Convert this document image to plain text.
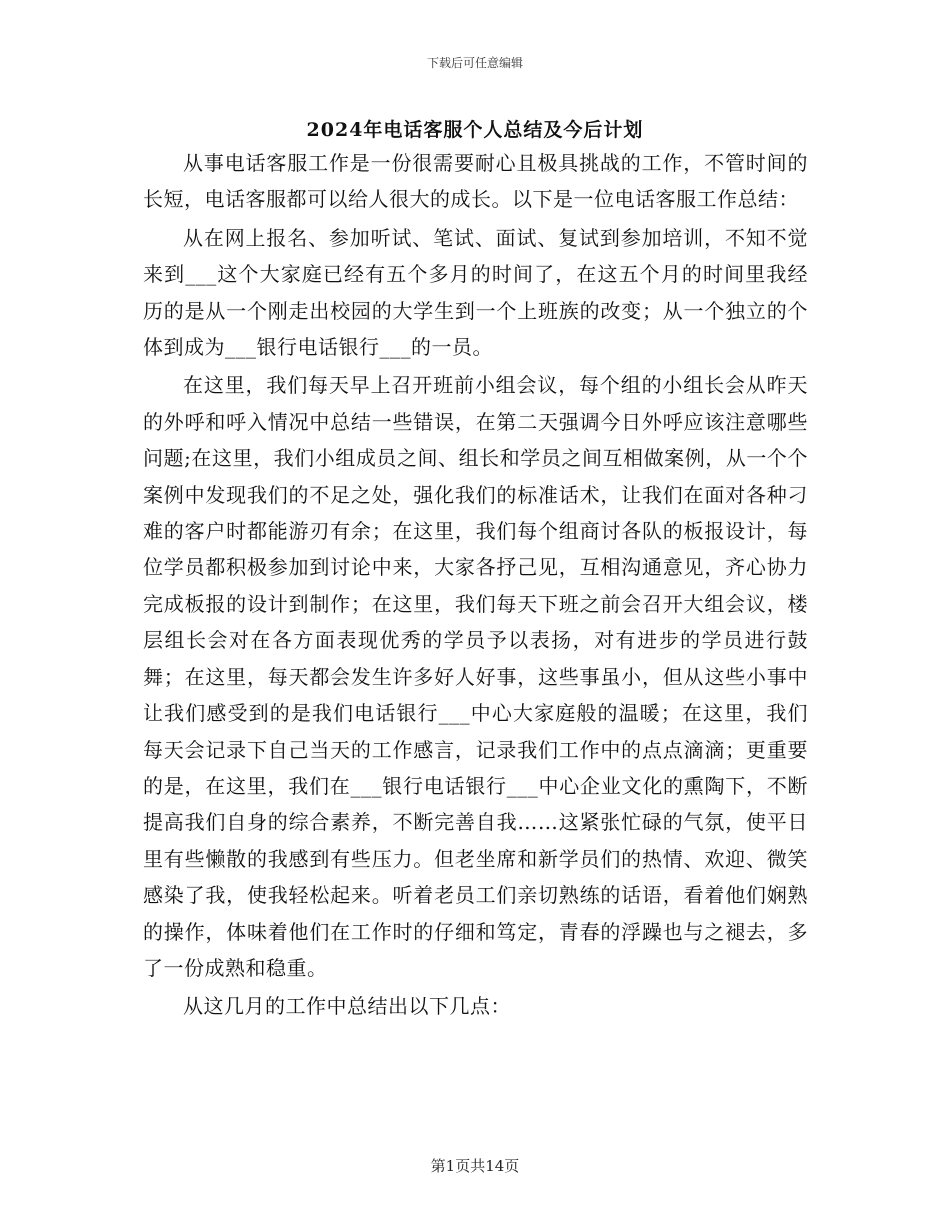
下载后可任意编辑
2024年电话客服个人总结及今后计划

从事电话客服工作是一份很需要耐心且极具挑战的工作，不管时间的长短，电话客服都可以给人很大的成长。以下是一位电话客服工作总结：

从在网上报名、参加听试、笔试、面试、复试到参加培训，不知不觉来到___这个大家庭已经有五个多月的时间了，在这五个月的时间里我经历的是从一个刚走出校园的大学生到一个上班族的改变；从一个独立的个体到成为___银行电话银行___的一员。

在这里，我们每天早上召开班前小组会议，每个组的小组长会从昨天的外呼和呼入情况中总结一些错误，在第二天强调今日外呼应该注意哪些问题;在这里，我们小组成员之间、组长和学员之间互相做案例，从一个个案例中发现我们的不足之处，强化我们的标准话术，让我们在面对各种刁难的客户时都能游刃有余；在这里，我们每个组商讨各队的板报设计，每位学员都积极参加到讨论中来，大家各抒己见，互相沟通意见，齐心协力完成板报的设计到制作；在这里，我们每天下班之前会召开大组会议，楼层组长会对在各方面表现优秀的学员予以表扬，对有进步的学员进行鼓舞；在这里，每天都会发生许多好人好事，这些事虽小，但从这些小事中让我们感受到的是我们电话银行___中心大家庭般的温暖；在这里，我们每天会记录下自己当天的工作感言，记录我们工作中的点点滴滴；更重要的是，在这里，我们在___银行电话银行___中心企业文化的熏陶下，不断提高我们自身的综合素养，不断完善自我……这紧张忙碌的气氛，使平日里有些懒散的我感到有些压力。但老坐席和新学员们的热情、欢迎、微笑感染了我，使我轻松起来。听着老员工们亲切熟练的话语，看着他们娴熟的操作，体味着他们在工作时的仔细和笃定，青春的浮躁也与之褪去，多了一份成熟和稳重。

从这几月的工作中总结出以下几点：

第1页共14页
